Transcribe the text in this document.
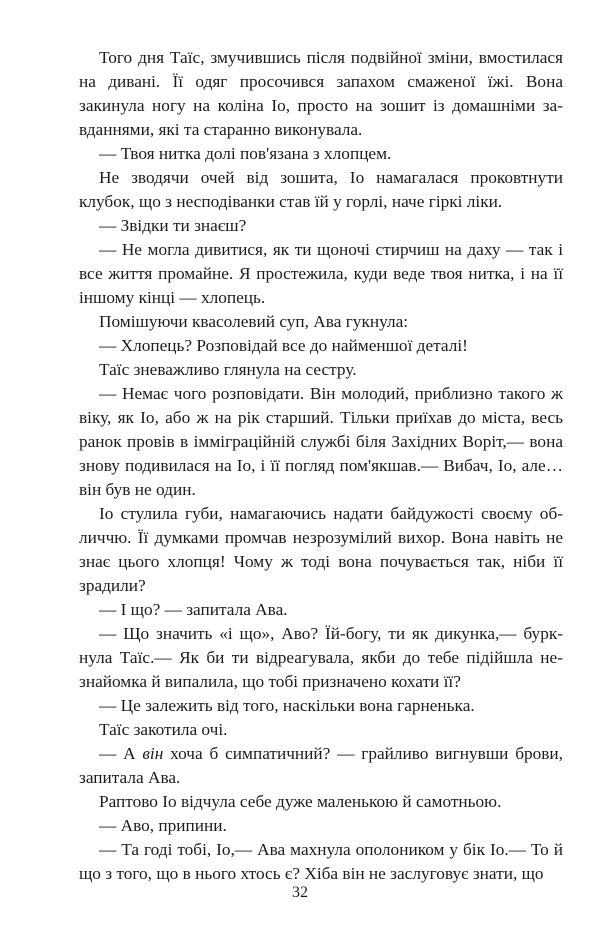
Того дня Таїс, змучившись після подвійної зміни, вмостилася на дивані. Її одяг просочився запахом смаженої їжі. Вона закинула ногу на коліна Іо, просто на зошит із домашніми завданнями, які та старанно виконувала.

— Твоя нитка долі пов'язана з хлопцем.

Не зводячи очей від зошита, Іо намагалася проковтнути клубок, що з несподіванки став їй у горлі, наче гіркі ліки.

— Звідки ти знаєш?

— Не могла дивитися, як ти щоночі стирчиш на даху — так і все життя промайне. Я простежила, куди веде твоя нитка, і на її іншому кінці — хлопець.

Помішуючи квасолевий суп, Ава гукнула:

— Хлопець? Розповідай все до найменшої деталі!

Таїс зневажливо глянула на сестру.

— Немає чого розповідати. Він молодий, приблизно такого ж віку, як Іо, або ж на рік старший. Тільки приїхав до міста, весь ранок провів в імміграційній службі біля Західних Воріт,— вона знову подивилася на Іо, і її погляд пом'якшав.— Вибач, Іо, але… він був не один.

Іо стулила губи, намагаючись надати байдужості своєму обличчю. Її думками промчав незрозумілий вихор. Вона навіть не знає цього хлопця! Чому ж тоді вона почувається так, ніби її зрадили?

— І що? — запитала Ава.

— Що значить «і що», Аво? Їй-богу, ти як дикунка,— буркнула Таїс.— Як би ти відреагувала, якби до тебе підійшла незнайомка й випалила, що тобі призначено кохати її?

— Це залежить від того, наскільки вона гарненька.

Таїс закотила очі.

— А він хоча б симпатичний? — грайливо вигнувши брови, запитала Ава.

Раптово Іо відчула себе дуже маленькою й самотньою.

— Аво, припини.

— Та годі тобі, Іо,— Ава махнула ополоником у бік Іо.— То й що з того, що в нього хтось є? Хіба він не заслуговує знати, що

32
